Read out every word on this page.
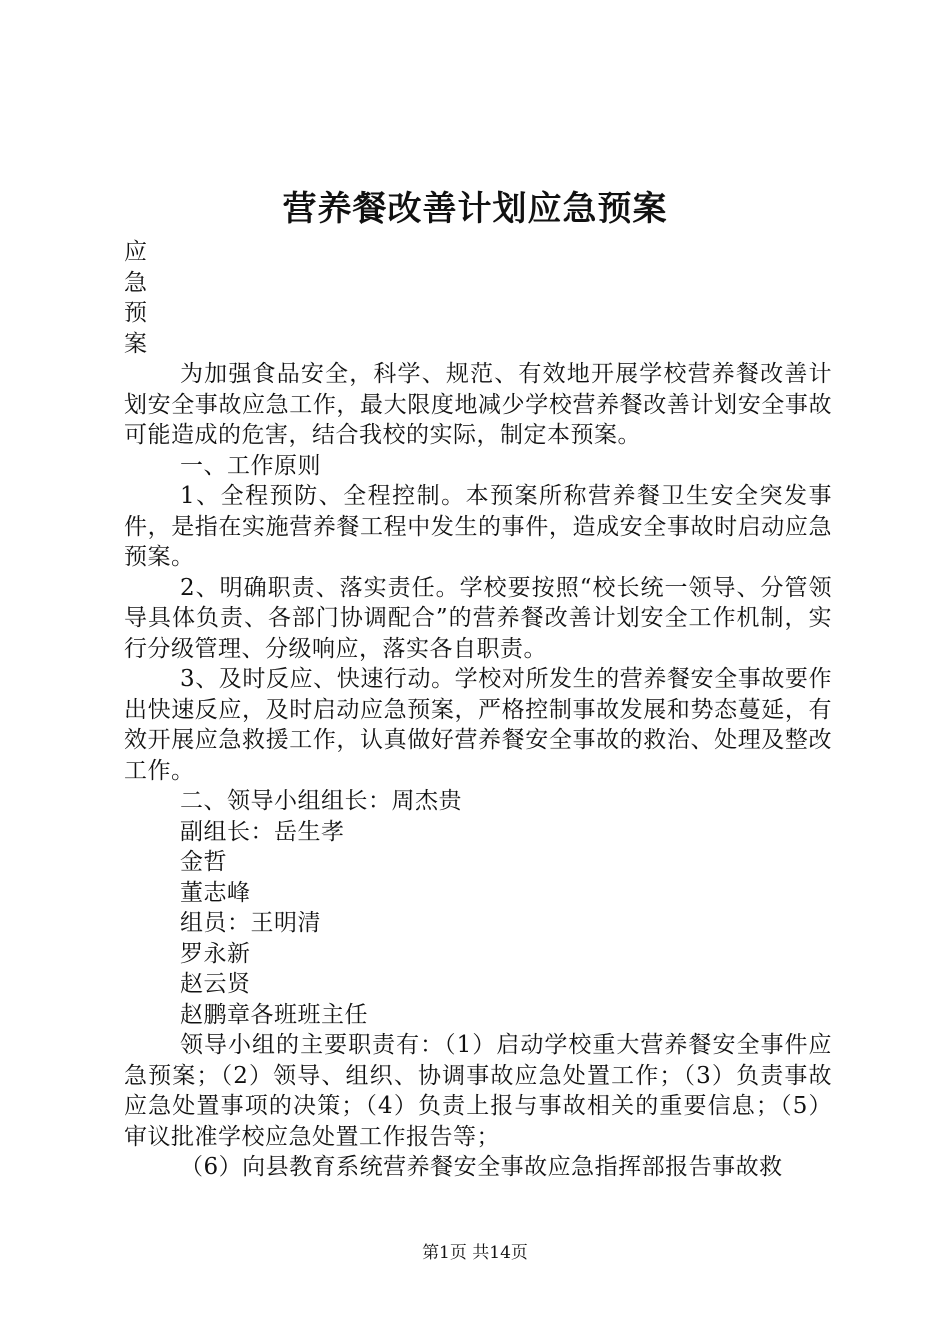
营养餐改善计划应急预案

应

急

预

案

为加强食品安全，科学、规范、有效地开展学校营养餐改善计划安全事故应急工作，最大限度地减少学校营养餐改善计划安全事故可能造成的危害，结合我校的实际，制定本预案。

一、工作原则

1、全程预防、全程控制。本预案所称营养餐卫生安全突发事件，是指在实施营养餐工程中发生的事件，造成安全事故时启动应急预案。

2、明确职责、落实责任。学校要按照“校长统一领导、分管领导具体负责、各部门协调配合”的营养餐改善计划安全工作机制，实行分级管理、分级响应，落实各自职责。

3、及时反应、快速行动。学校对所发生的营养餐安全事故要作出快速反应，及时启动应急预案，严格控制事故发展和势态蔓延，有效开展应急救援工作，认真做好营养餐安全事故的救治、处理及整改工作。

二、领导小组组长：周杰贵

副组长：岳生孝

金哲

董志峰

组员：王明清

罗永新

赵云贤

赵鹏章各班班主任

领导小组的主要职责有：（1）启动学校重大营养餐安全事件应急预案；（2）领导、组织、协调事故应急处置工作；（3）负责事故应急处置事项的决策；（4）负责上报与事故相关的重要信息；（5）审议批准学校应急处置工作报告等；

（6）向县教育系统营养餐安全事故应急指挥部报告事故救

第1页 共14页
